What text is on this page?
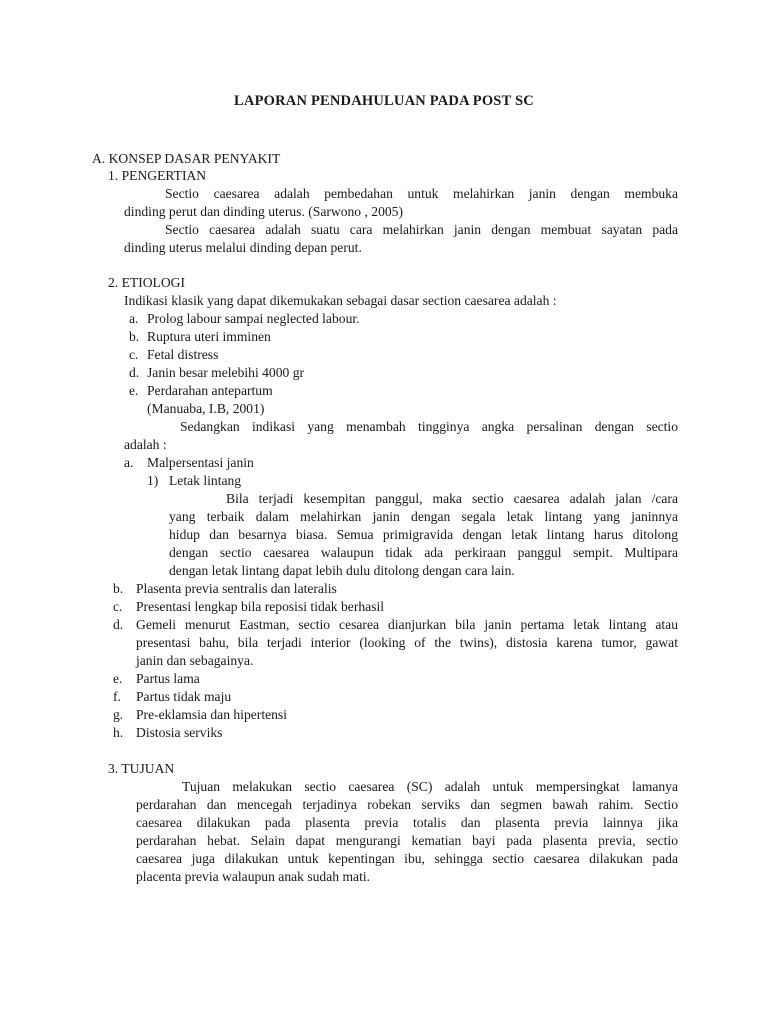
LAPORAN PENDAHULUAN PADA POST SC
A. KONSEP DASAR PENYAKIT
1. PENGERTIAN
Sectio caesarea adalah pembedahan untuk melahirkan janin dengan membuka
dinding perut dan dinding uterus. (Sarwono , 2005)
Sectio caesarea adalah suatu cara melahirkan janin dengan membuat sayatan pada
dinding uterus melalui dinding depan perut.
2. ETIOLOGI
Indikasi klasik yang dapat dikemukakan sebagai dasar section caesarea adalah :
a. Prolog labour sampai neglected labour.
b. Ruptura uteri imminen
c. Fetal distress
d. Janin besar melebihi 4000 gr
e. Perdarahan antepartum
(Manuaba, I.B, 2001)
Sedangkan indikasi yang menambah tingginya angka persalinan dengan sectio
adalah :
a. Malpersentasi janin
1) Letak lintang
Bila terjadi kesempitan panggul, maka sectio caesarea adalah jalan /cara
yang terbaik dalam melahirkan janin dengan segala letak lintang yang janinnya
hidup dan besarnya biasa. Semua primigravida dengan letak lintang harus ditolong
dengan sectio caesarea walaupun tidak ada perkiraan panggul sempit. Multipara
dengan letak lintang dapat lebih dulu ditolong dengan cara lain.
b. Plasenta previa sentralis dan lateralis
c. Presentasi lengkap bila reposisi tidak berhasil
d. Gemeli menurut Eastman, sectio cesarea dianjurkan bila janin pertama letak lintang atau
presentasi bahu, bila terjadi interior (looking of the twins), distosia karena tumor, gawat
janin dan sebagainya.
e. Partus lama
f. Partus tidak maju
g. Pre-eklamsia dan hipertensi
h. Distosia serviks
3. TUJUAN
Tujuan melakukan sectio caesarea (SC) adalah untuk mempersingkat lamanya
perdarahan dan mencegah terjadinya robekan serviks dan segmen bawah rahim. Sectio
caesarea dilakukan pada plasenta previa totalis dan plasenta previa lainnya jika
perdarahan hebat. Selain dapat mengurangi kematian bayi pada plasenta previa, sectio
caesarea juga dilakukan untuk kepentingan ibu, sehingga sectio caesarea dilakukan pada
placenta previa walaupun anak sudah mati.
